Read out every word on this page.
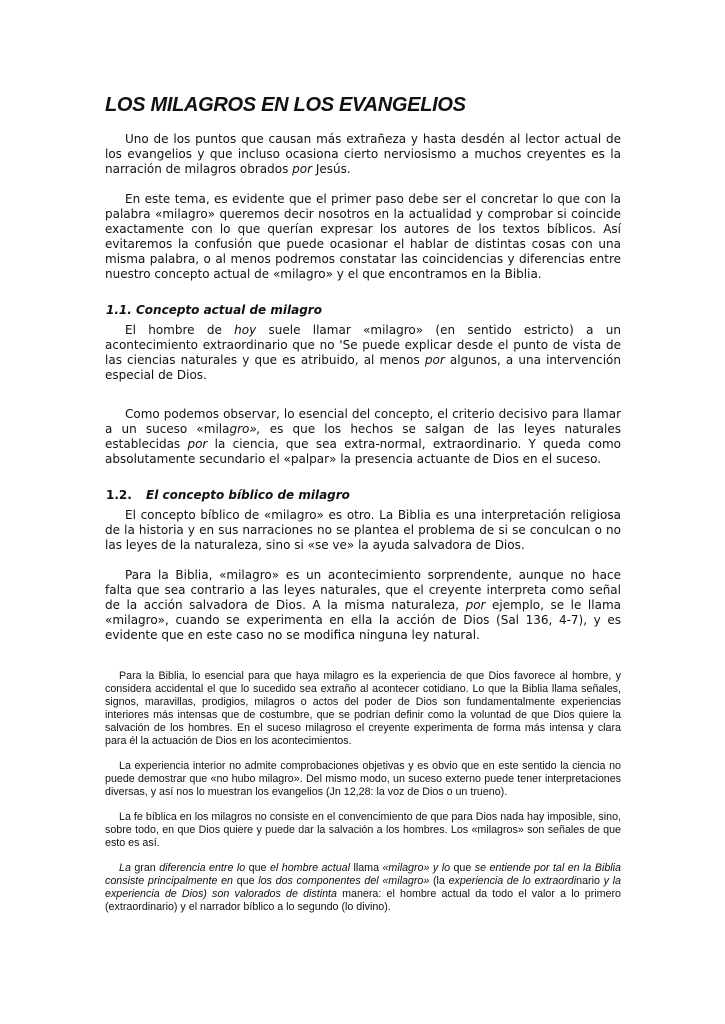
LOS MILAGROS EN LOS EVANGELIOS

Uno de los puntos que causan más extrañeza y hasta desdén al lector actual de los evangelios y que incluso ocasiona cierto nerviosismo a muchos creyentes es la narración de milagros obrados por Jesús.

En este tema, es evidente que el primer paso debe ser el concretar lo que con la palabra «milagro» queremos decir nosotros en la actualidad y comprobar si coincide exactamente con lo que querían expresar los autores de los textos bíblicos. Así evitaremos la confusión que puede ocasionar el hablar de distintas cosas con una misma palabra, o al menos podremos constatar las coincidencias y diferencias entre nuestro concepto actual de «milagro» y el que encontramos en la Biblia.

1.1. Concepto actual de milagro

El hombre de hoy suele llamar «milagro» (en sentido estricto) a un acontecimiento extraordinario que no 'Se puede explicar desde el punto de vista de las ciencias naturales y que es atribuido, al menos por algunos, a una intervención especial de Dios.

Como podemos observar, lo esencial del concepto, el criterio decisivo para llamar a un suceso «milagro», es que los hechos se salgan de las leyes naturales establecidas por la ciencia, que sea extra-normal, extraordinario. Y queda como absolutamente secundario el «palpar» la presencia actuante de Dios en el suceso.

1.2. El concepto bíblico de milagro

El concepto bíblico de «milagro» es otro. La Biblia es una interpretación religiosa de la historia y en sus narraciones no se plantea el problema de si se conculcan o no las leyes de la naturaleza, sino si «se ve» la ayuda salvadora de Dios.

Para la Biblia, «milagro» es un acontecimiento sorprendente, aunque no hace falta que sea contrario a las leyes naturales, que el creyente interpreta como señal de la acción salvadora de Dios. A la misma naturaleza, por ejemplo, se le llama «milagro», cuando se experimenta en ella la acción de Dios (Sal 136, 4-7), y es evidente que en este caso no se modifica ninguna ley natural.

Para la Biblia, lo esencial para que haya milagro es la experiencia de que Dios favorece al hombre, y considera accidental el que lo sucedido sea extraño al acontecer cotidiano. Lo que la Biblia llama señales, signos, maravillas, prodigios, milagros o actos del poder de Dios son fundamentalmente experiencias interiores más intensas que de costumbre, que se podrían definir como la voluntad de que Dios quiere la salvación de los hombres. En el suceso milagroso el creyente experimenta de forma más intensa y clara para él la actuación de Dios en los acontecimientos.

La experiencia interior no admite comprobaciones objetivas y es obvio que en este sentido la ciencia no puede demostrar que «no hubo milagro». Del mismo modo, un suceso externo puede tener interpretaciones diversas, y así nos lo muestran los evangelios (Jn 12,28: la voz de Dios o un trueno).

La fe bíblica en los milagros no consiste en el convencimiento de que para Dios nada hay imposible, sino, sobre todo, en que Dios quiere y puede dar la salvación a los hombres. Los «milagros» son señales de que esto es así.

La gran diferencia entre lo que el hombre actual llama «milagro» y lo que se entiende por tal en la Biblia consiste principalmente en que los dos componentes del «milagro» (la experiencia de lo extraordinario y la experiencia de Dios) son valorados de distinta manera: el hombre actual da todo el valor a lo primero (extraordinario) y el narrador bíblico a lo segundo (lo divino).
